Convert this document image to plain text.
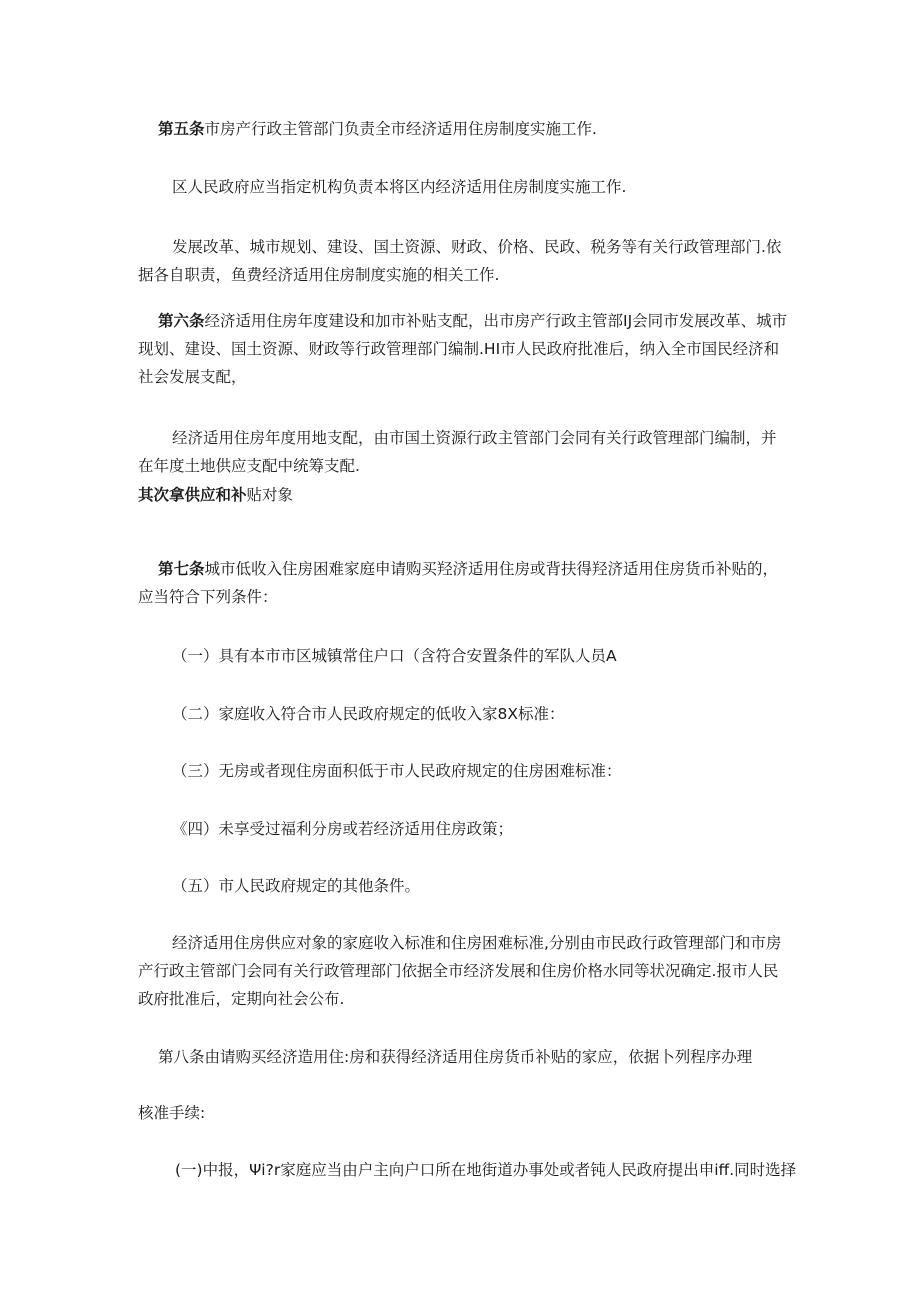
第五条市房产行政主管部门负责全市经济适用住房制度实施工作.

区人民政府应当指定机构负责本将区内经济适用住房制度实施工作.

发展改革、城市规划、建设、国土资源、财政、价格、民政、税务等有关行政管理部门.依据各自职责，鱼费经济适用住房制度实施的相关工作.

第六条经济适用住房年度建设和加市补贴支配，出市房产行政主管部IJ会同市发展改革、城市现划、建设、国土资源、财政等行政管理部门编制.HI市人民政府批准后，纳入全市国民经济和社会发展支配，

经济适用住房年度用地支配，由市国土资源行政主管部门会同有关行政管理部门编制，并在年度土地供应支配中统筹支配.

其次拿供应和补贴对象

第七条城市低收入住房困难家庭申请购买羟济适用住房或背扶得羟济适用住房货币补贴的，应当符合下列条件：

（一）具有本市市区城镇常住户口（含符合安置条件的军队人员A

（二）家庭收入符合市人民政府规定的低收入家8X标准：

（三）无房或者现住房面积低于市人民政府规定的住房困难标准：

《四）未享受过福利分房或若经济适用住房政策；

（五）市人民政府规定的其他条件。

经济适用住房供应对象的家庭收入标准和住房困难标准,分别由市民政行政管理部门和市房产行政主管部门会同有关行政管理部门依据全市经济发展和住房价格水同等状况确定.报市人民政府批准后，定期向社会公布.

第八条由请购买经济造用住:房和获得经济适用住房货币补贴的家应，依据卜列程序办理

核准手续:

(一)中报，Ψi?r家庭应当由户主向户口所在地街道办事处或者钝人民政府提出申iff.同时选择
